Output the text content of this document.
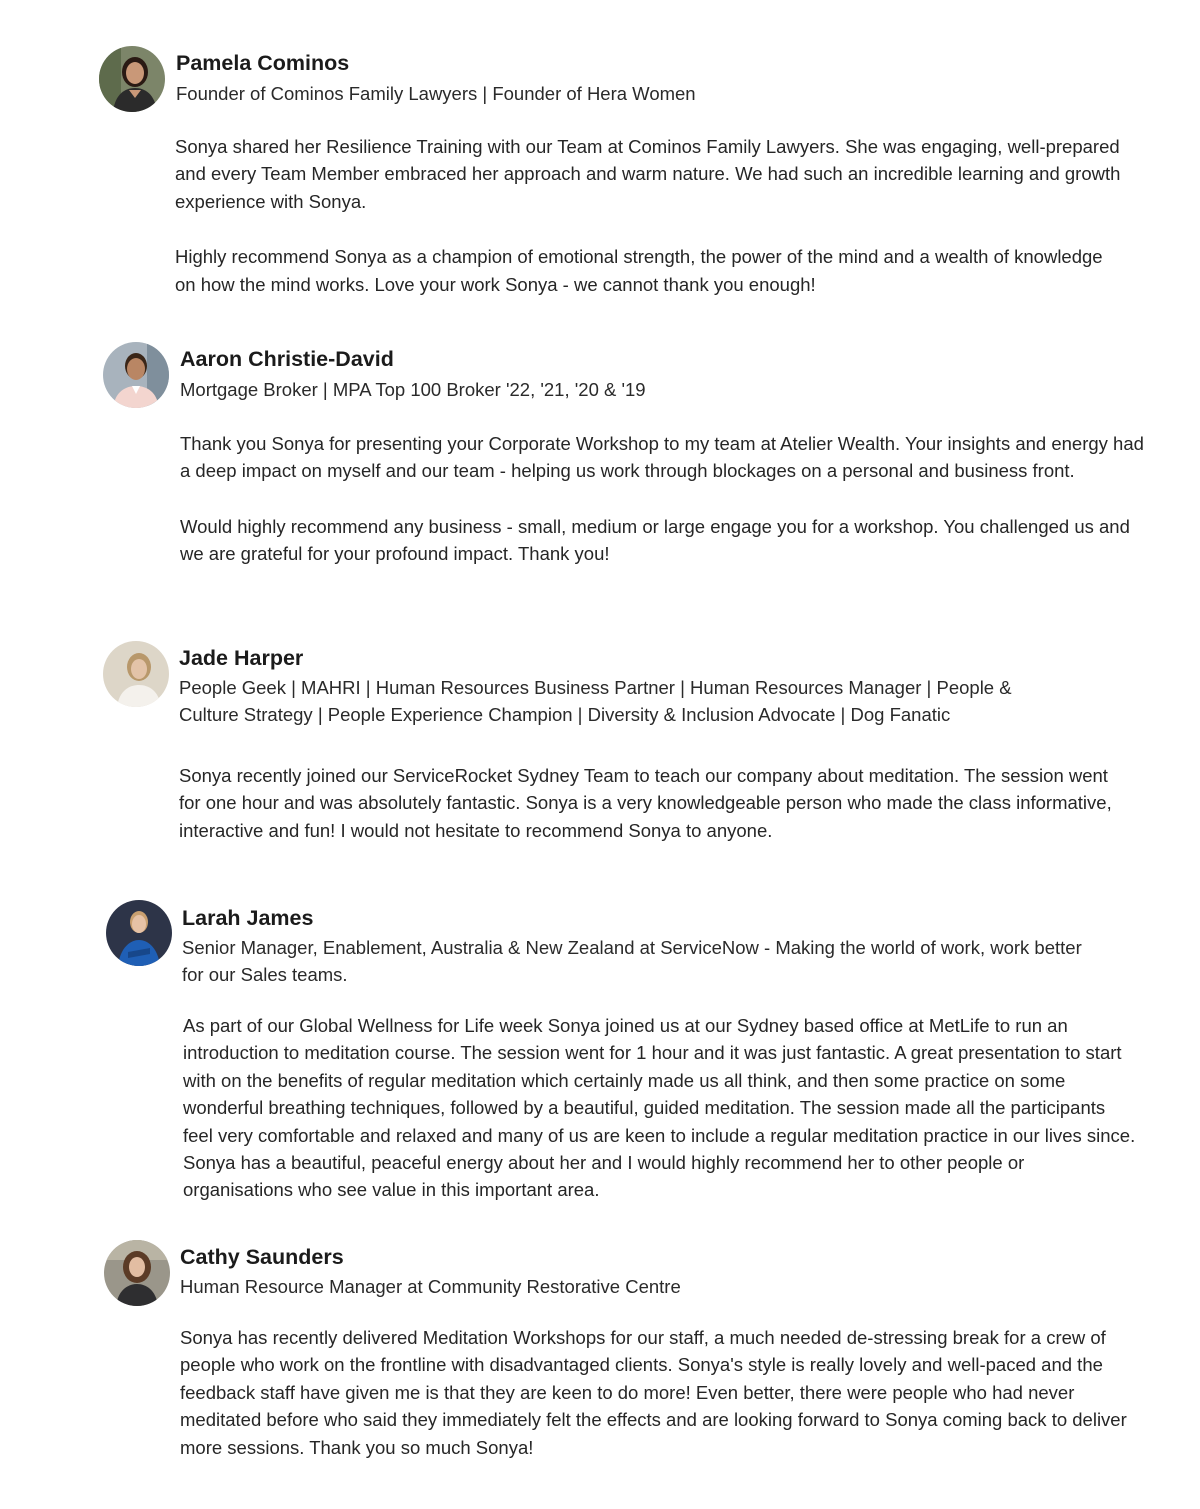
Pamela Cominos
Founder of Cominos Family Lawyers | Founder of Hera Women

Sonya shared her Resilience Training with our Team at Cominos Family Lawyers. She was engaging, well-prepared and every Team Member embraced her approach and warm nature. We had such an incredible learning and growth experience with Sonya.

Highly recommend Sonya as a champion of emotional strength, the power of the mind and a wealth of knowledge on how the mind works. Love your work Sonya - we cannot thank you enough!

Aaron Christie-David
Mortgage Broker | MPA Top 100 Broker '22, '21, '20 & '19

Thank you Sonya for presenting your Corporate Workshop to my team at Atelier Wealth. Your insights and energy had a deep impact on myself and our team - helping us work through blockages on a personal and business front.

Would highly recommend any business - small, medium or large engage you for a workshop. You challenged us and we are grateful for your profound impact. Thank you!

Jade Harper
People Geek | MAHRI | Human Resources Business Partner | Human Resources Manager | People & Culture Strategy | People Experience Champion | Diversity & Inclusion Advocate | Dog Fanatic

Sonya recently joined our ServiceRocket Sydney Team to teach our company about meditation. The session went for one hour and was absolutely fantastic. Sonya is a very knowledgeable person who made the class informative, interactive and fun! I would not hesitate to recommend Sonya to anyone.

Larah James
Senior Manager, Enablement, Australia & New Zealand at ServiceNow - Making the world of work, work better for our Sales teams.

As part of our Global Wellness for Life week Sonya joined us at our Sydney based office at MetLife to run an introduction to meditation course. The session went for 1 hour and it was just fantastic. A great presentation to start with on the benefits of regular meditation which certainly made us all think, and then some practice on some wonderful breathing techniques, followed by a beautiful, guided meditation. The session made all the participants feel very comfortable and relaxed and many of us are keen to include a regular meditation practice in our lives since. Sonya has a beautiful, peaceful energy about her and I would highly recommend her to other people or organisations who see value in this important area.

Cathy Saunders
Human Resource Manager at Community Restorative Centre

Sonya has recently delivered Meditation Workshops for our staff, a much needed de-stressing break for a crew of people who work on the frontline with disadvantaged clients. Sonya's style is really lovely and well-paced and the feedback staff have given me is that they are keen to do more! Even better, there were people who had never meditated before who said they immediately felt the effects and are looking forward to Sonya coming back to deliver more sessions. Thank you so much Sonya!
